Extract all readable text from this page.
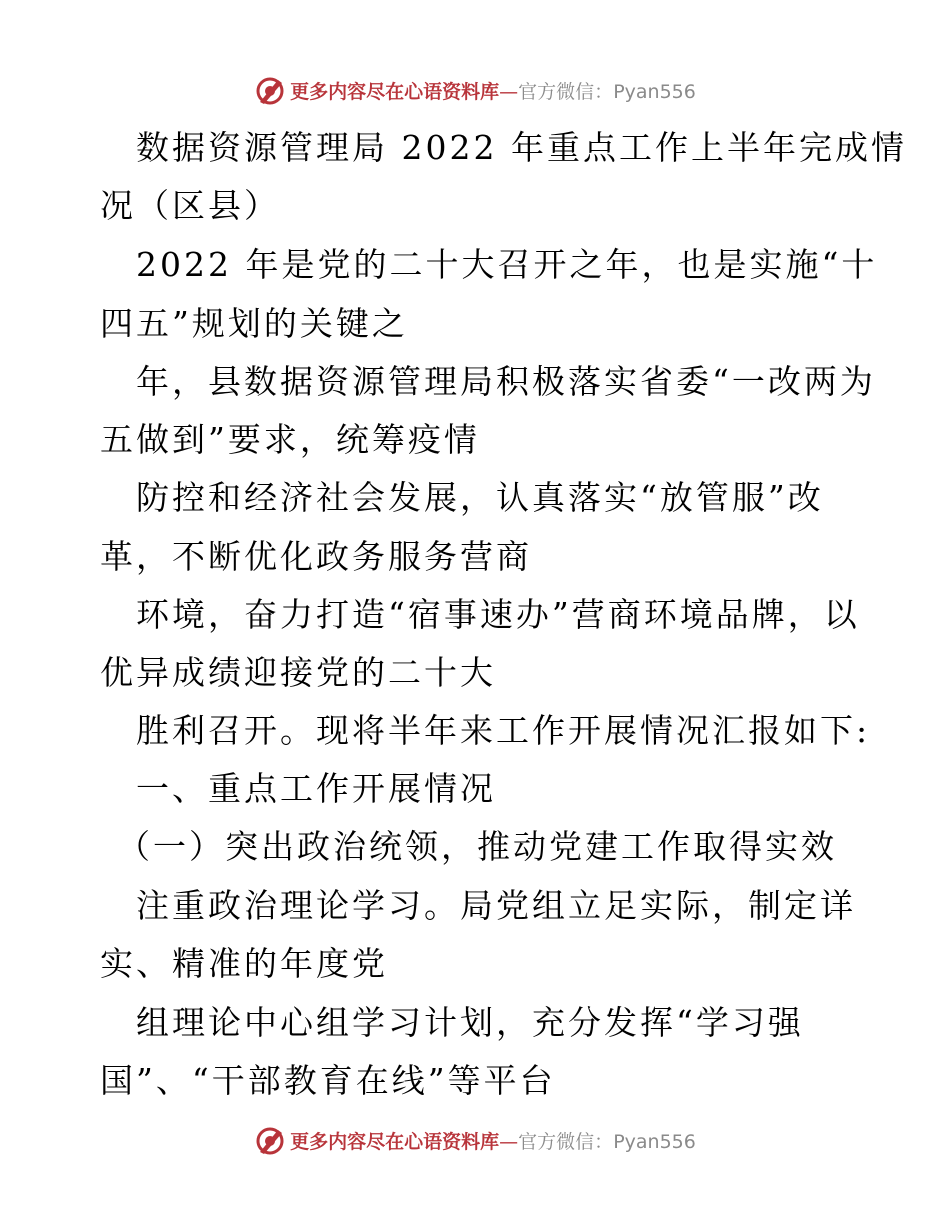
更多内容尽在心语资料库—官方微信：Pyan556
数据资源管理局 2022 年重点工作上半年完成情
况（区县）
2022 年是党的二十大召开之年，也是实施“十
四五”规划的关键之
年，县数据资源管理局积极落实省委“一改两为
五做到”要求，统筹疫情
防控和经济社会发展，认真落实“放管服”改
革，不断优化政务服务营商
环境，奋力打造“宿事速办”营商环境品牌，以
优异成绩迎接党的二十大
胜利召开。现将半年来工作开展情况汇报如下:
一、重点工作开展情况
（一）突出政治统领，推动党建工作取得实效
注重政治理论学习。局党组立足实际，制定详
实、精准的年度党
组理论中心组学习计划，充分发挥“学习强
国”、“干部教育在线”等平台
更多内容尽在心语资料库—官方微信：Pyan556
